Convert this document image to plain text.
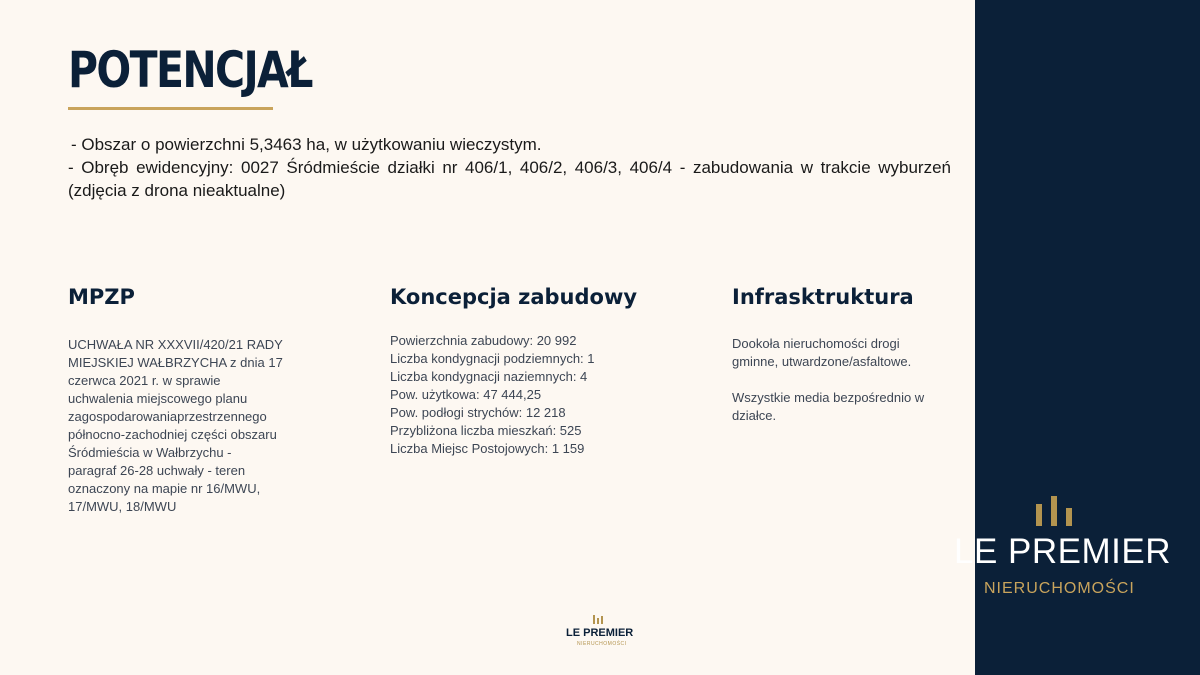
POTENCJAŁ

- Obszar o powierzchni 5,3463 ha, w użytkowaniu wieczystym.

- Obręb ewidencyjny: 0027 Śródmieście działki nr 406/1, 406/2, 406/3, 406/4 - zabudowania w trakcie wyburzeń (zdjęcia z drona nieaktualne)

MPZP

UCHWAŁA NR XXXVII/420/21 RADY

MIEJSKIEJ WAŁBRZYCHA z dnia 17

czerwca 2021 r. w sprawie

uchwalenia miejscowego planu

zagospodarowaniaprzestrzennego

północno-zachodniej części obszaru

Śródmieścia w Wałbrzychu -

paragraf 26-28 uchwały - teren

oznaczony na mapie nr 16/MWU,

17/MWU, 18/MWU

Koncepcja zabudowy

Powierzchnia zabudowy: 20 992

Liczba kondygnacji podziemnych: 1

Liczba kondygnacji naziemnych: 4

Pow. użytkowa: 47 444,25

Pow. podłogi strychów: 12 218

Przybliżona liczba mieszkań: 525

Liczba Miejsc Postojowych: 1 159

Infrasktruktura

Dookoła nieruchomości drogi

gminne, utwardzone/asfaltowe.

Wszystkie media bezpośrednio w

działce.

LE PREMIER
NIERUCHOMOŚCI
LE PREMIER
NIERUCHOMOŚCI
